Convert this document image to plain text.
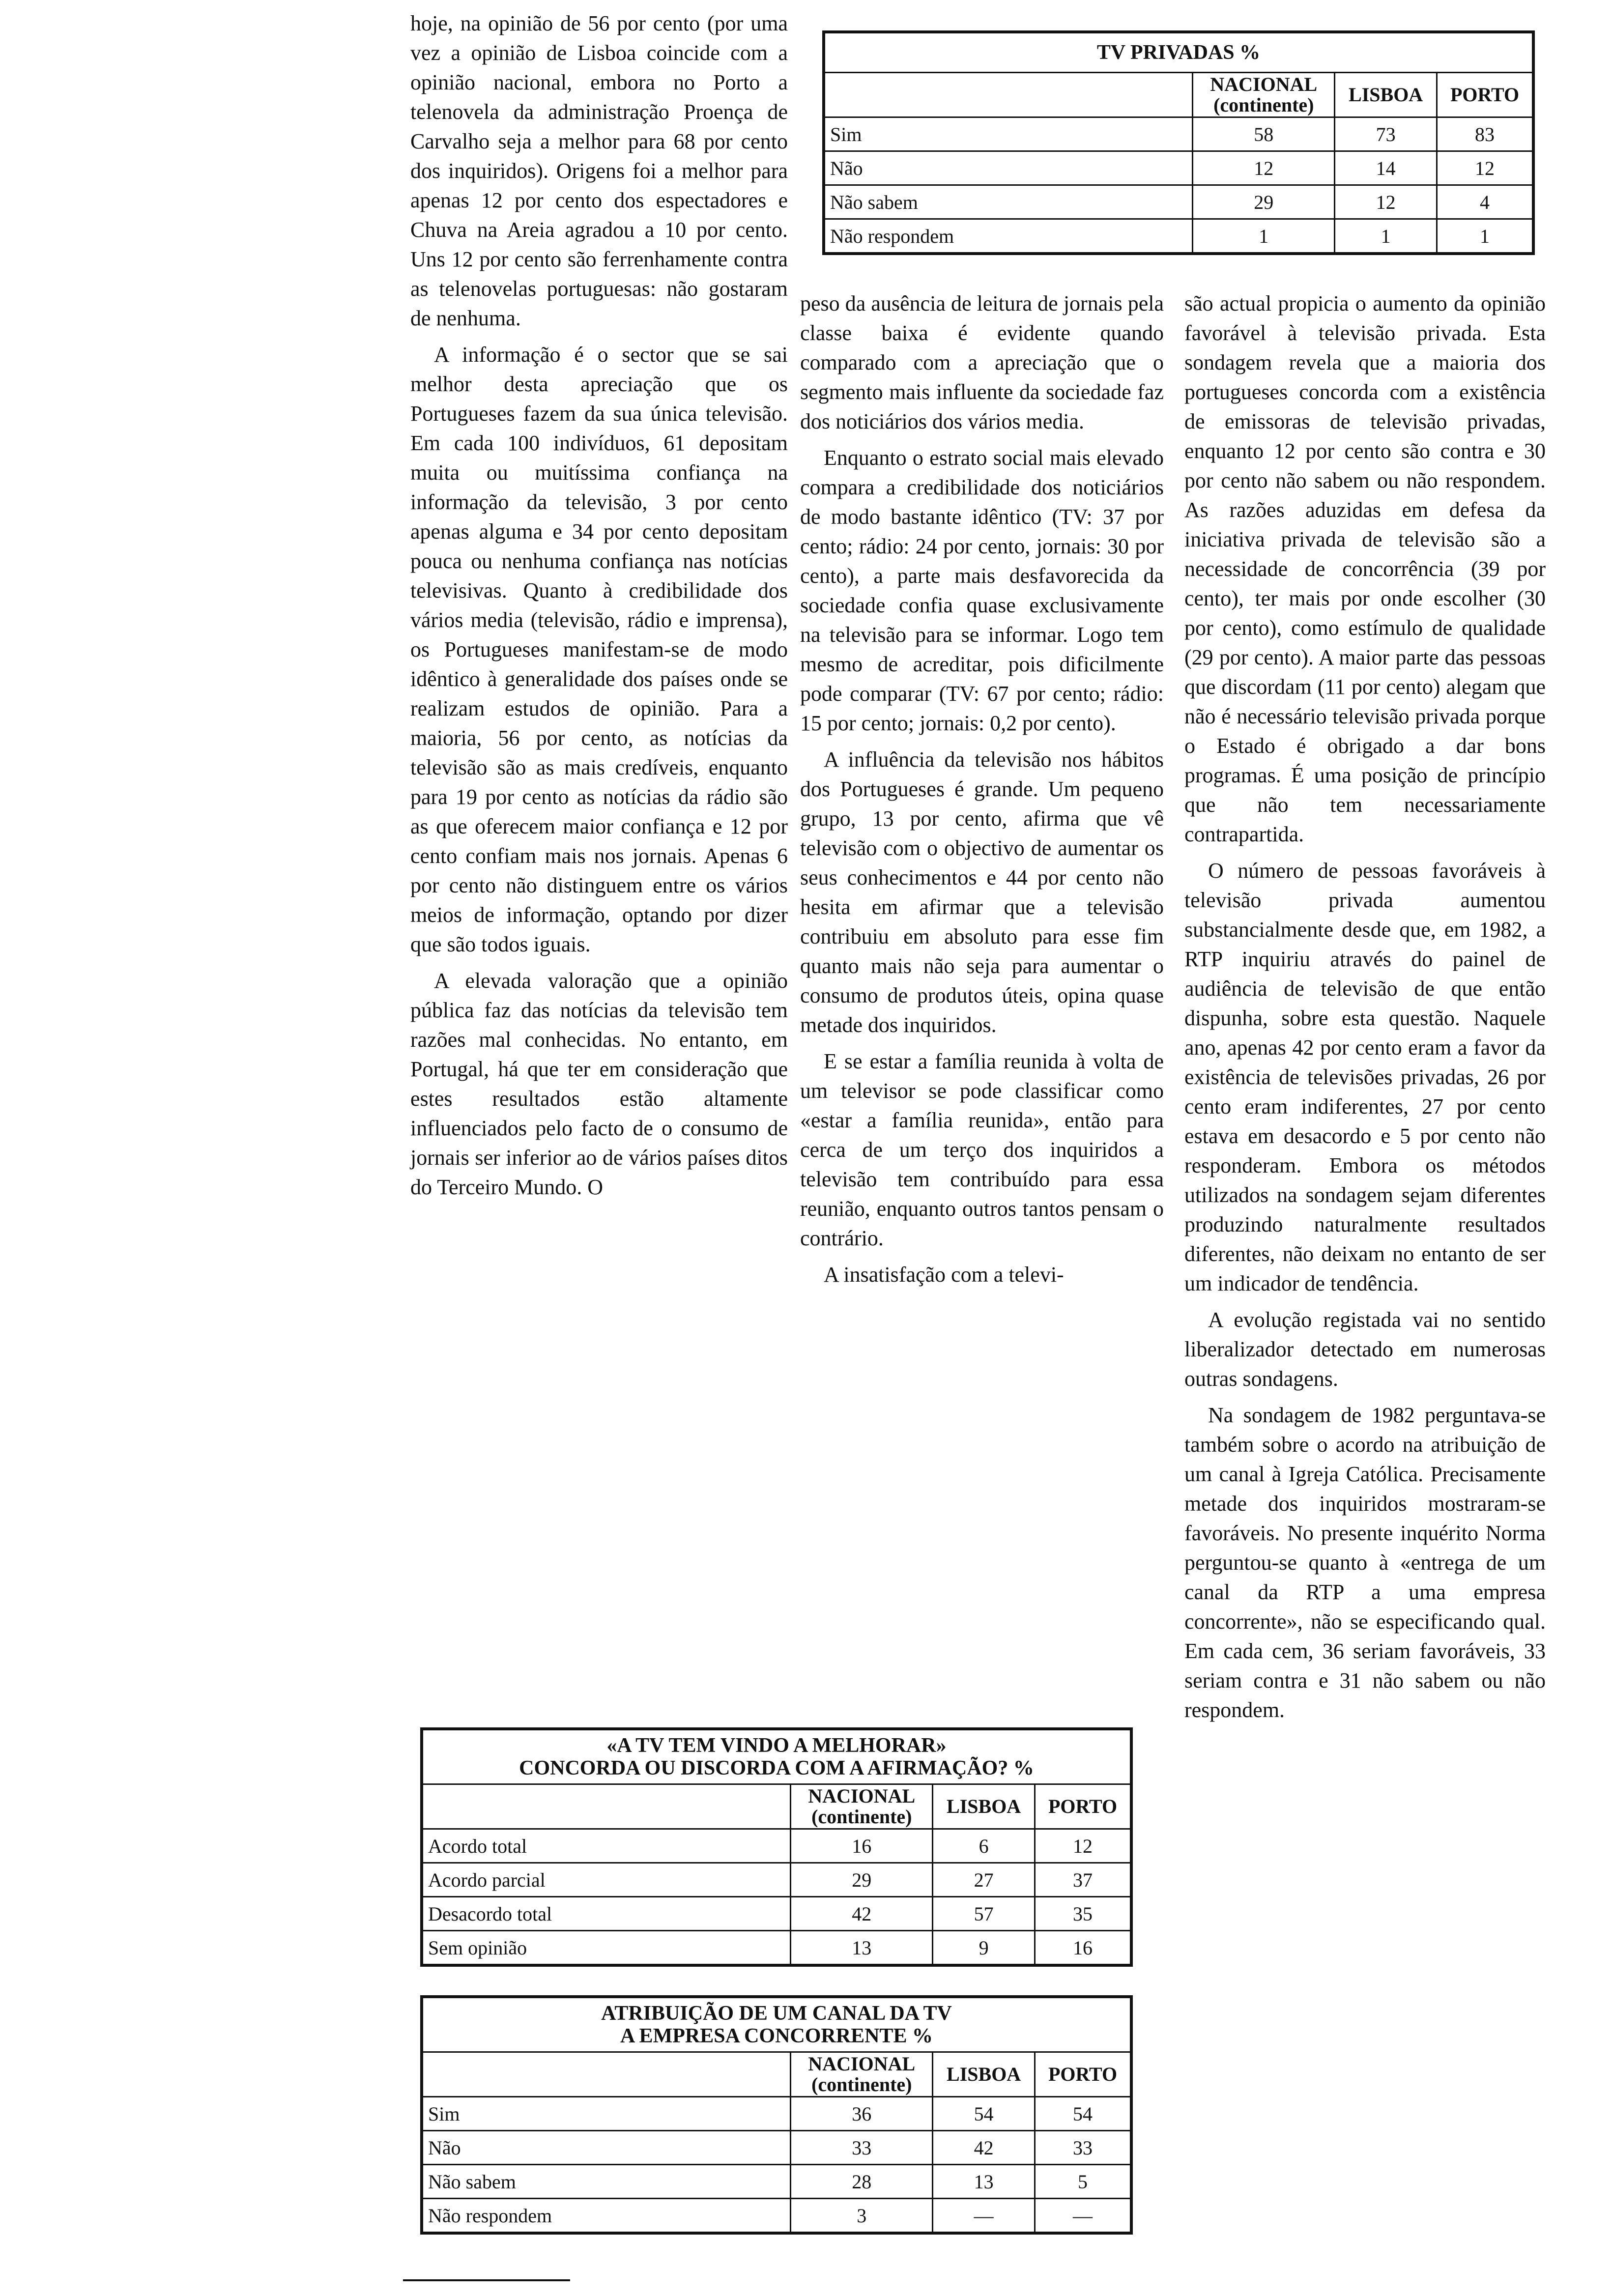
hoje, na opinião de 56 por cento (por uma vez a opinião de Lisboa coincide com a opinião nacional, embora no Porto a telenovela da administração Proença de Carvalho seja a melhor para 68 por cento dos inquiridos). Origens foi a melhor para apenas 12 por cento dos espectadores e Chuva na Areia agradou a 10 por cento. Uns 12 por cento são ferrenhamente contra as telenovelas portuguesas: não gostaram de nenhuma.

A informação é o sector que se sai melhor desta apreciação que os Portugueses fazem da sua única televisão. Em cada 100 indivíduos, 61 depositam muita ou muitíssima confiança na informação da televisão, 3 por cento apenas alguma e 34 por cento depositam pouca ou nenhuma confiança nas notícias televisivas. Quanto à credibilidade dos vários media (televisão, rádio e imprensa), os Portugueses manifestam-se de modo idêntico à generalidade dos países onde se realizam estudos de opinião. Para a maioria, 56 por cento, as notícias da televisão são as mais credíveis, enquanto para 19 por cento as notícias da rádio são as que oferecem maior confiança e 12 por cento confiam mais nos jornais. Apenas 6 por cento não distinguem entre os vários meios de informação, optando por dizer que são todos iguais.

A elevada valoração que a opinião pública faz das notícias da televisão tem razões mal conhecidas. No entanto, em Portugal, há que ter em consideração que estes resultados estão altamente influenciados pelo facto de o consumo de jornais ser inferior ao de vários países ditos do Terceiro Mundo. O

peso da ausência de leitura de jornais pela classe baixa é evidente quando comparado com a apreciação que o segmento mais influente da sociedade faz dos noticiários dos vários media.

Enquanto o estrato social mais elevado compara a credibilidade dos noticiários de modo bastante idêntico (TV: 37 por cento; rádio: 24 por cento, jornais: 30 por cento), a parte mais desfavorecida da sociedade confia quase exclusivamente na televisão para se informar. Logo tem mesmo de acreditar, pois dificilmente pode comparar (TV: 67 por cento; rádio: 15 por cento; jornais: 0,2 por cento).

A influência da televisão nos hábitos dos Portugueses é grande. Um pequeno grupo, 13 por cento, afirma que vê televisão com o objectivo de aumentar os seus conhecimentos e 44 por cento não hesita em afirmar que a televisão contribuiu em absoluto para esse fim quanto mais não seja para aumentar o consumo de produtos úteis, opina quase metade dos inquiridos.

E se estar a família reunida à volta de um televisor se pode classificar como «estar a família reunida», então para cerca de um terço dos inquiridos a televisão tem contribuído para essa reunião, enquanto outros tantos pensam o contrário.

A insatisfação com a televi-

são actual propicia o aumento da opinião favorável à televisão privada. Esta sondagem revela que a maioria dos portugueses concorda com a existência de emissoras de televisão privadas, enquanto 12 por cento são contra e 30 por cento não sabem ou não respondem. As razões aduzidas em defesa da iniciativa privada de televisão são a necessidade de concorrência (39 por cento), ter mais por onde escolher (30 por cento), como estímulo de qualidade (29 por cento). A maior parte das pessoas que discordam (11 por cento) alegam que não é necessário televisão privada porque o Estado é obrigado a dar bons programas. É uma posição de princípio que não tem necessariamente contrapartida.

O número de pessoas favoráveis à televisão privada aumentou substancialmente desde que, em 1982, a RTP inquiriu através do painel de audiência de televisão de que então dispunha, sobre esta questão. Naquele ano, apenas 42 por cento eram a favor da existência de televisões privadas, 26 por cento eram indiferentes, 27 por cento estava em desacordo e 5 por cento não responderam. Embora os métodos utilizados na sondagem sejam diferentes produzindo naturalmente resultados diferentes, não deixam no entanto de ser um indicador de tendência.

A evolução registada vai no sentido liberalizador detectado em numerosas outras sondagens.

Na sondagem de 1982 perguntava-se também sobre o acordo na atribuição de um canal à Igreja Católica. Precisamente metade dos inquiridos mostraram-se favoráveis. No presente inquérito Norma perguntou-se quanto à «entrega de um canal da RTP a uma empresa concorrente», não se especificando qual. Em cada cem, 36 seriam favoráveis, 33 seriam contra e 31 não sabem ou não respondem.

TV PRIVADAS %			
	NACIONAL (continente)	LISBOA	PORTO
Sim	58	73	83
Não	12	14	12
Não sabem	29	12	4
Não respondem	1	1	1
«A TV TEM VINDO A MELHORAR»
CONCORDA OU DISCORDA COM A AFIRMAÇÃO? %			

	NACIONAL (continente)	LISBOA	PORTO
Acordo total	16	6	12
Acordo parcial	29	27	37
Desacordo total	42	57	35
Sem opinião	13	9	16
ATRIBUIÇÃO DE UM CANAL DA TV
A EMPRESA CONCORRENTE %			

	NACIONAL (continente)	LISBOA	PORTO
Sim	36	54	54
Não	33	42	33
Não sabem	28	13	5
Não respondem	3	—	—
